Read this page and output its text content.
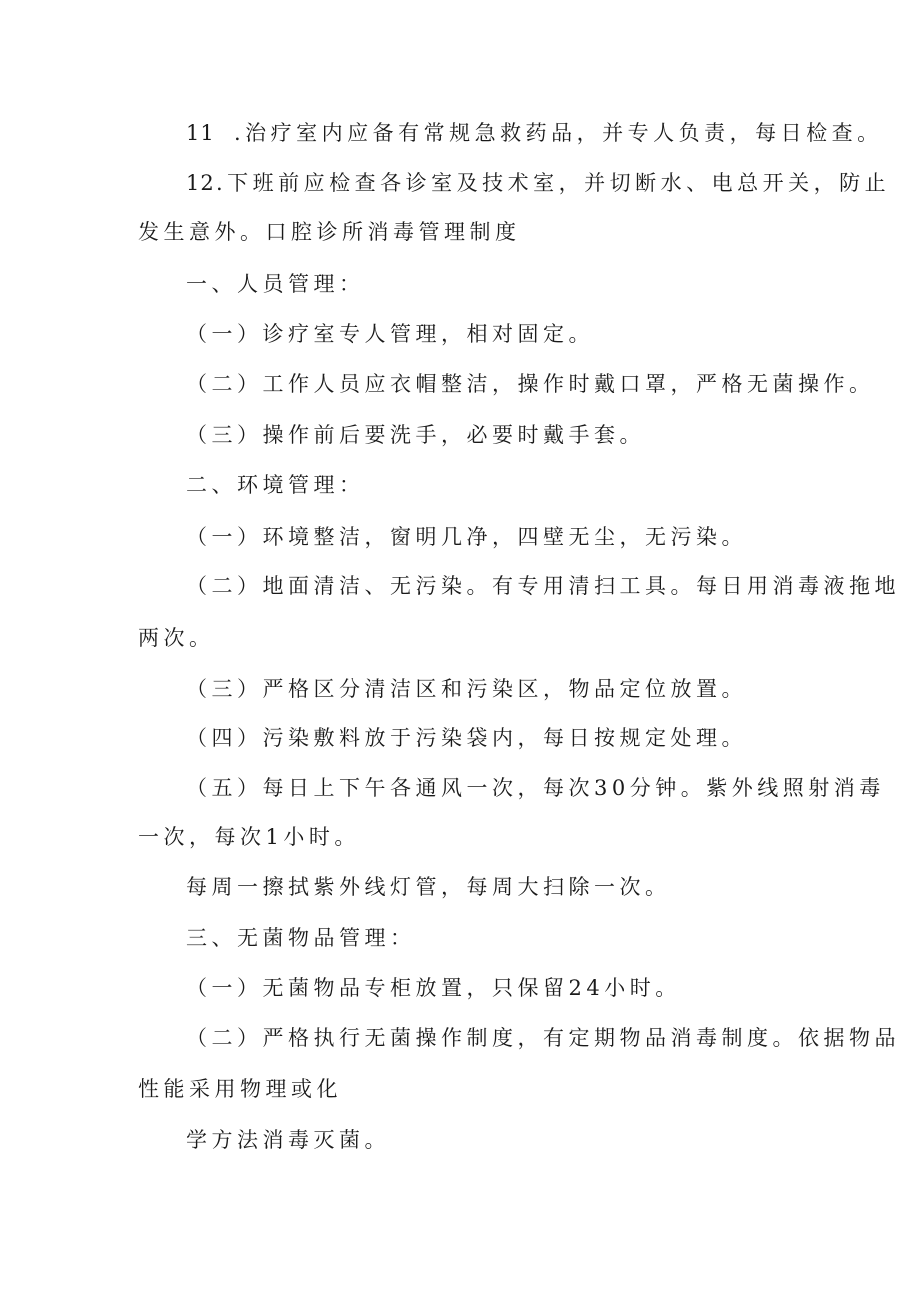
11 .治疗室内应备有常规急救药品，并专人负责，每日检查。
12.下班前应检查各诊室及技术室，并切断水、电总开关，防止
发生意外。口腔诊所消毒管理制度
一、人员管理：
（一）诊疗室专人管理，相对固定。
（二）工作人员应衣帽整洁，操作时戴口罩，严格无菌操作。
（三）操作前后要洗手，必要时戴手套。
二、环境管理：
（一）环境整洁，窗明几净，四壁无尘，无污染。
（二）地面清洁、无污染。有专用清扫工具。每日用消毒液拖地
两次。
（三）严格区分清洁区和污染区，物品定位放置。
（四）污染敷料放于污染袋内，每日按规定处理。
（五）每日上下午各通风一次，每次30分钟。紫外线照射消毒
一次，每次1小时。
每周一擦拭紫外线灯管，每周大扫除一次。
三、无菌物品管理：
（一）无菌物品专柜放置，只保留24小时。
（二）严格执行无菌操作制度，有定期物品消毒制度。依据物品
性能采用物理或化
学方法消毒灭菌。
